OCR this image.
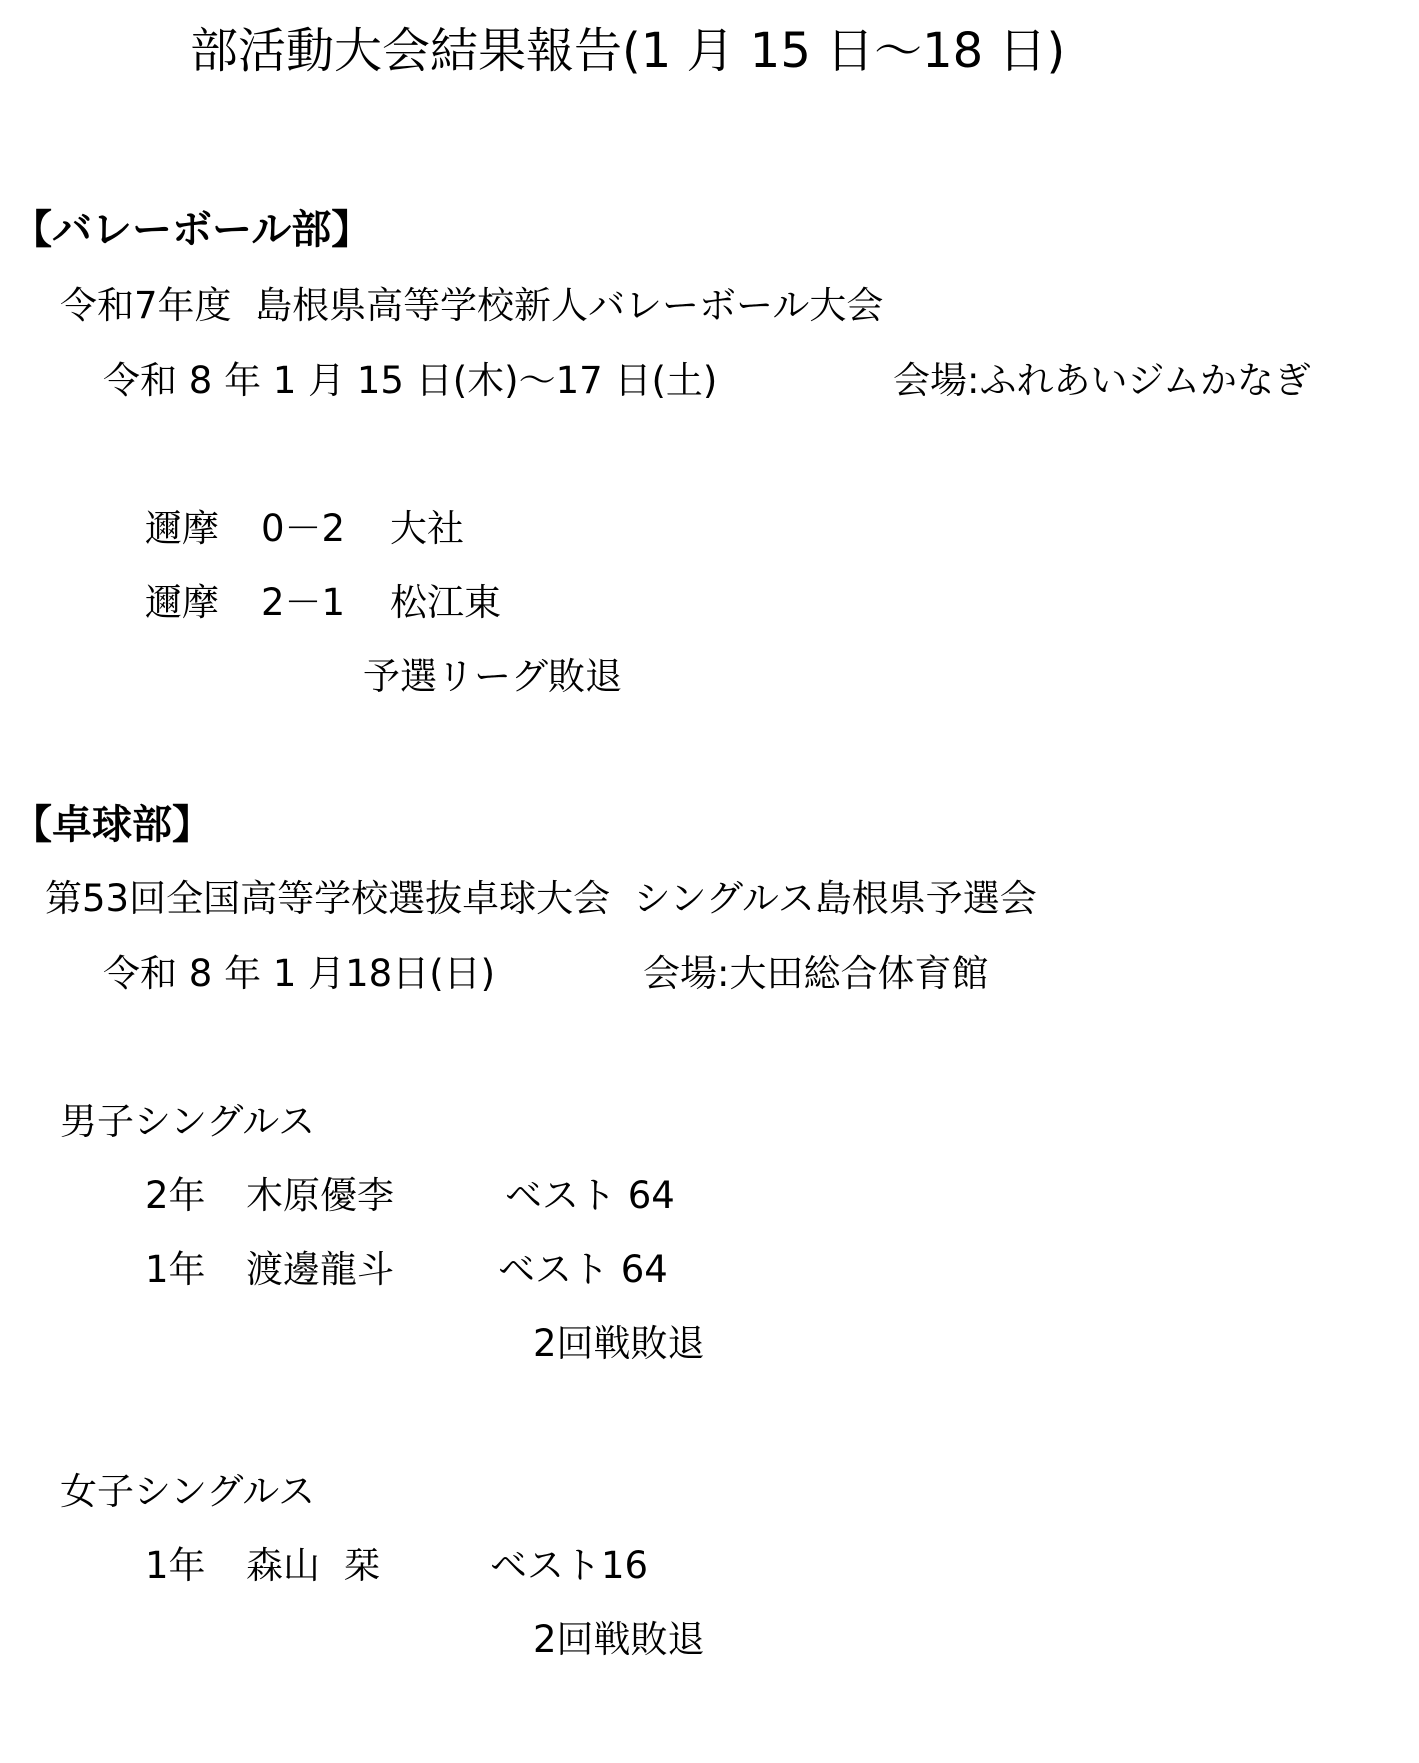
部活動大会結果報告(1 月 15 日～18 日)
【バレーボール部】
令和7年度  島根県高等学校新人バレーボール大会
令和 8 年 1 月 15 日(木)～17 日(土)	会場:ふれあいジムかなぎ
邇摩 0－2 大社
邇摩 2－1 松江東
予選リーグ敗退
【卓球部】
第53回全国高等学校選抜卓球大会  シングルス島根県予選会
令和 8 年 1 月18日(日)	会場:大田総合体育館
男子シングルス
2年 木原優李	ベスト 64
1年 渡邊龍斗	ベスト 64
2回戦敗退
女子シングルス
1年 森山  栞	ベスト16
2回戦敗退
